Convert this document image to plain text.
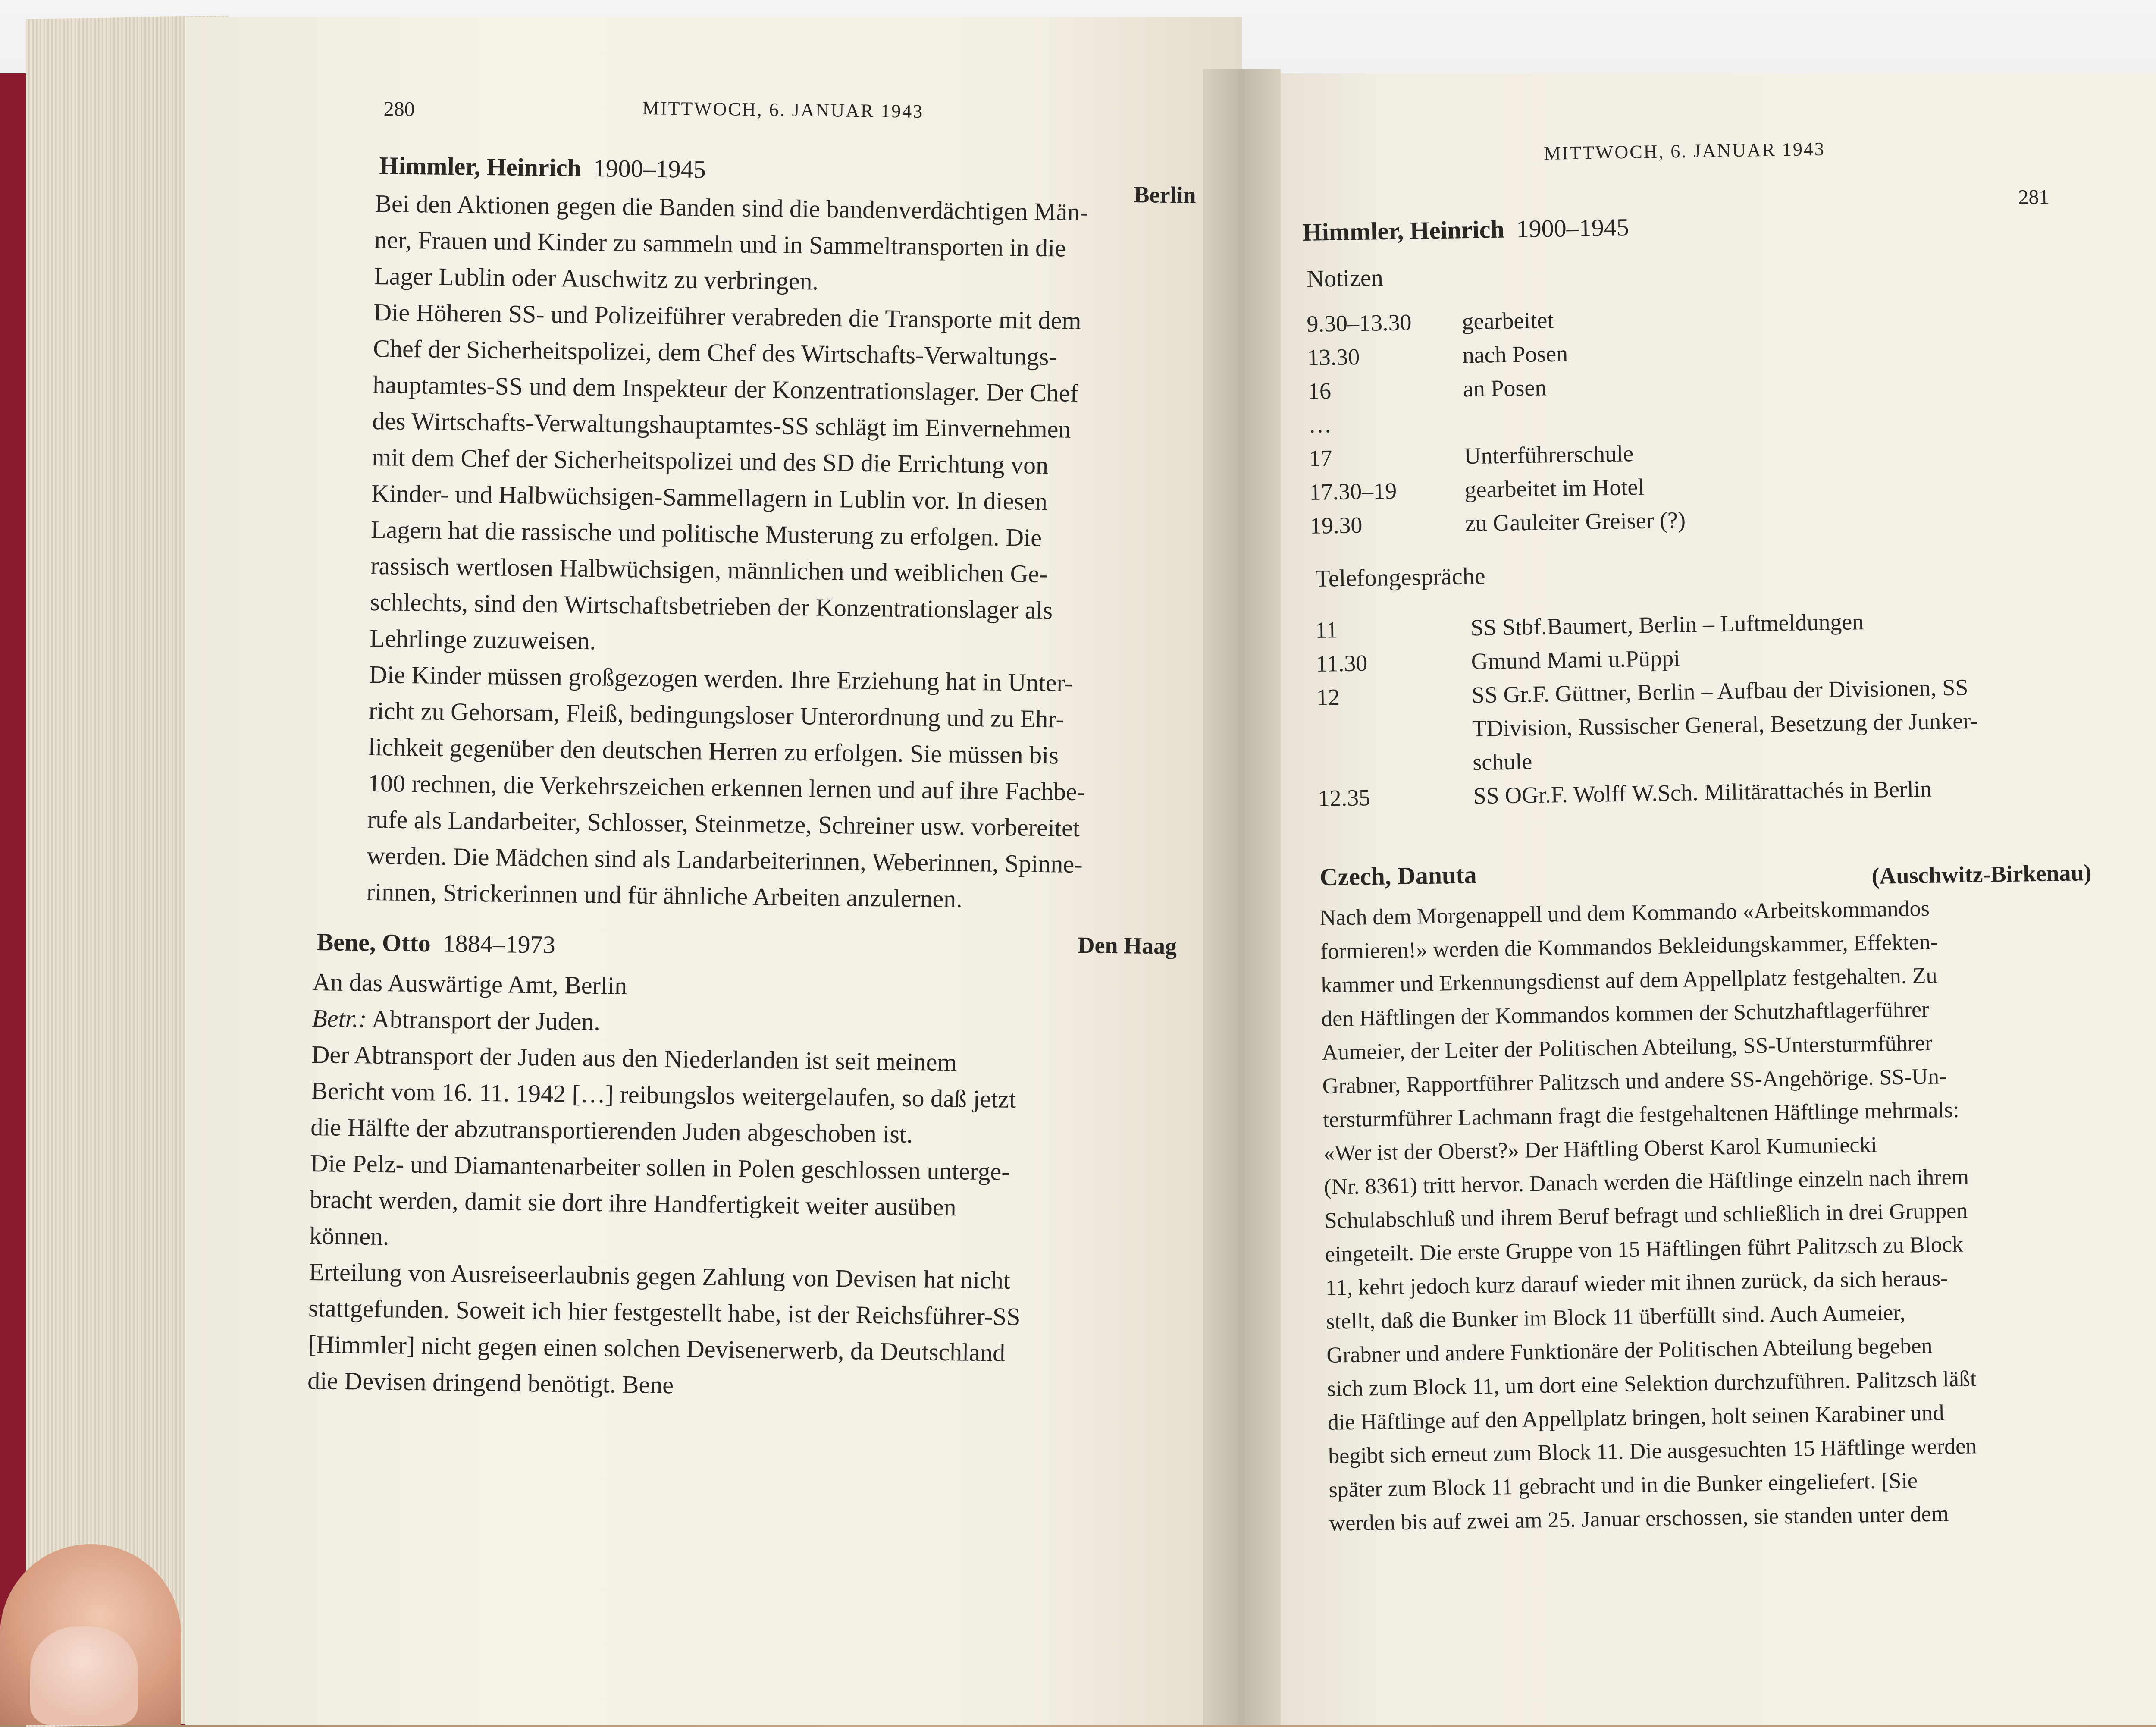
280	MITTWOCH, 6. JANUAR 1943
Himmler, Heinrich 1900–1945
Berlin
Bei den Aktionen gegen die Banden sind die bandenverdächtigen Män-
ner, Frauen und Kinder zu sammeln und in Sammeltransporten in die
Lager Lublin oder Auschwitz zu verbringen.
Die Höheren SS- und Polizeiführer verabreden die Transporte mit dem
Chef der Sicherheitspolizei, dem Chef des Wirtschafts-Verwaltungs-
hauptamtes-SS und dem Inspekteur der Konzentrationslager. Der Chef
des Wirtschafts-Verwaltungshauptamtes-SS schlägt im Einvernehmen
mit dem Chef der Sicherheitspolizei und des SD die Errichtung von
Kinder- und Halbwüchsigen-Sammellagern in Lublin vor. In diesen
Lagern hat die rassische und politische Musterung zu erfolgen. Die
rassisch wertlosen Halbwüchsigen, männlichen und weiblichen Ge-
schlechts, sind den Wirtschaftsbetrieben der Konzentrationslager als
Lehrlinge zuzuweisen.
Die Kinder müssen großgezogen werden. Ihre Erziehung hat in Unter-
richt zu Gehorsam, Fleiß, bedingungsloser Unterordnung und zu Ehr-
lichkeit gegenüber den deutschen Herren zu erfolgen. Sie müssen bis
100 rechnen, die Verkehrszeichen erkennen lernen und auf ihre Fachbe-
rufe als Landarbeiter, Schlosser, Steinmetze, Schreiner usw. vorbereitet
werden. Die Mädchen sind als Landarbeiterinnen, Weberinnen, Spinne-
rinnen, Strickerinnen und für ähnliche Arbeiten anzulernen.
Bene, Otto 1884–1973	Den Haag
An das Auswärtige Amt, Berlin
Betr.: Abtransport der Juden.
Der Abtransport der Juden aus den Niederlanden ist seit meinem
Bericht vom 16. 11. 1942 […] reibungslos weitergelaufen, so daß jetzt
die Hälfte der abzutransportierenden Juden abgeschoben ist.
Die Pelz- und Diamantenarbeiter sollen in Polen geschlossen unterge-
bracht werden, damit sie dort ihre Handfertigkeit weiter ausüben
können.
Erteilung von Ausreiseerlaubnis gegen Zahlung von Devisen hat nicht
stattgefunden. Soweit ich hier festgestellt habe, ist der Reichsführer-SS
[Himmler] nicht gegen einen solchen Devisenerwerb, da Deutschland
die Devisen dringend benötigt. Bene
MITTWOCH, 6. JANUAR 1943
281
Himmler, Heinrich 1900–1945
Notizen
9.30–13.30	gearbeitet
13.30	nach Posen
16	an Posen
…	
17	Unterführerschule
17.30–19	gearbeitet im Hotel
19.30	zu Gauleiter Greiser (?)
Telefongespräche
11	SS Stbf.Baumert, Berlin – Luftmeldungen
11.30	Gmund Mami u.Püppi
12	SS Gr.F. Güttner, Berlin – Aufbau der Divisionen, SS
	TDivision, Russischer General, Besetzung der Junker-
	schule
12.35	SS OGr.F. Wolff W.Sch. Militärattachés in Berlin
Czech, Danuta	(Auschwitz-Birkenau)
Nach dem Morgenappell und dem Kommando «Arbeitskommandos
formieren!» werden die Kommandos Bekleidungskammer, Effekten-
kammer und Erkennungsdienst auf dem Appellplatz festgehalten. Zu
den Häftlingen der Kommandos kommen der Schutzhaftlagerführer
Aumeier, der Leiter der Politischen Abteilung, SS-Untersturmführer
Grabner, Rapportführer Palitzsch und andere SS-Angehörige. SS-Un-
tersturmführer Lachmann fragt die festgehaltenen Häftlinge mehrmals:
«Wer ist der Oberst?» Der Häftling Oberst Karol Kumuniecki
(Nr. 8361) tritt hervor. Danach werden die Häftlinge einzeln nach ihrem
Schulabschluß und ihrem Beruf befragt und schließlich in drei Gruppen
eingeteilt. Die erste Gruppe von 15 Häftlingen führt Palitzsch zu Block
11, kehrt jedoch kurz darauf wieder mit ihnen zurück, da sich heraus-
stellt, daß die Bunker im Block 11 überfüllt sind. Auch Aumeier,
Grabner und andere Funktionäre der Politischen Abteilung begeben
sich zum Block 11, um dort eine Selektion durchzuführen. Palitzsch läßt
die Häftlinge auf den Appellplatz bringen, holt seinen Karabiner und
begibt sich erneut zum Block 11. Die ausgesuchten 15 Häftlinge werden
später zum Block 11 gebracht und in die Bunker eingeliefert. [Sie
werden bis auf zwei am 25. Januar erschossen, sie standen unter dem
